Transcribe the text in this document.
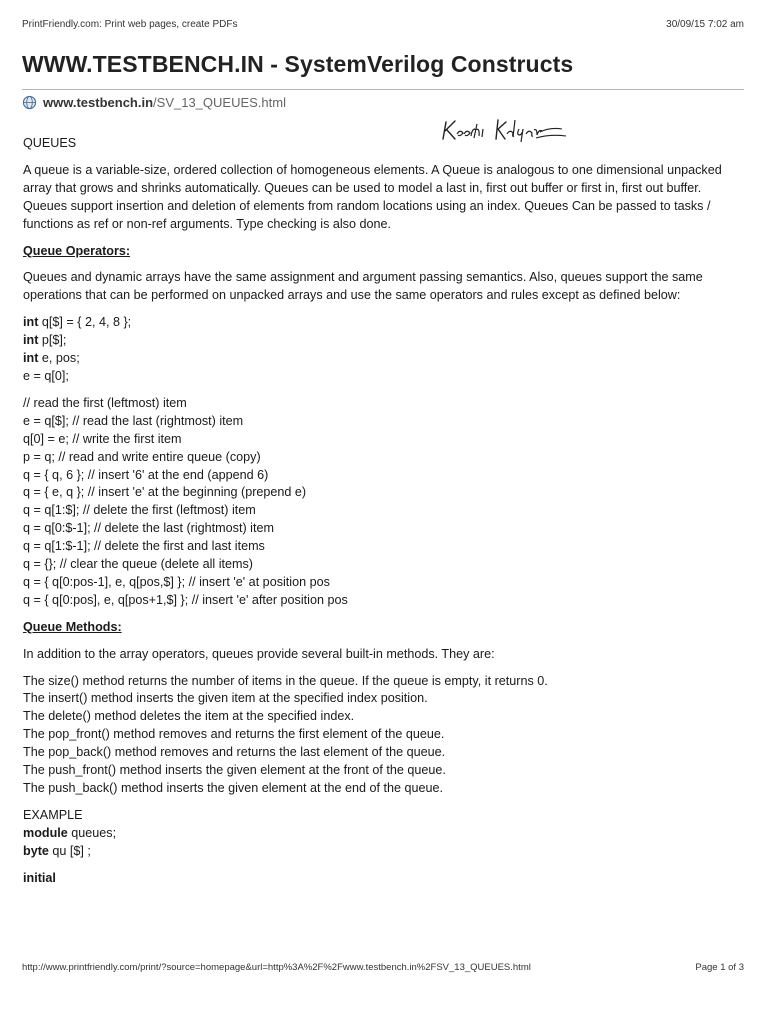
PrintFriendly.com: Print web pages, create PDFs	30/09/15 7:02 am
WWW.TESTBENCH.IN - SystemVerilog Constructs
www.testbench.in /SV_13_QUEUES.html

QUEUES

A queue is a variable-size, ordered collection of homogeneous elements. A Queue is analogous to one dimensional unpacked array that grows and shrinks automatically. Queues can be used to model a last in, first out buffer or first in, first out buffer. Queues support insertion and deletion of elements from random locations using an index. Queues Can be passed to tasks / functions as ref or non-ref arguments. Type checking is also done.

Queue Operators:

Queues and dynamic arrays have the same assignment and argument passing semantics. Also, queues support the same operations that can be performed on unpacked arrays and use the same operators and rules except as defined below:

int q[$] = { 2, 4, 8 };
int p[$];
int e, pos;
e = q[0];
// read the first (leftmost) item
e = q[$]; // read the last (rightmost) item
q[0] = e; // write the first item
p = q; // read and write entire queue (copy)
q = { q, 6 }; // insert '6' at the end (append 6)
q = { e, q }; // insert 'e' at the beginning (prepend e)
q = q[1:$]; // delete the first (leftmost) item
q = q[0:$-1]; // delete the last (rightmost) item
q = q[1:$-1]; // delete the first and last items
q = {}; // clear the queue (delete all items)
q = { q[0:pos-1], e, q[pos,$] }; // insert 'e' at position pos
q = { q[0:pos], e, q[pos+1,$] }; // insert 'e' after position pos
Queue Methods:

In addition to the array operators, queues provide several built-in methods. They are:

The size() method returns the number of items in the queue. If the queue is empty, it returns 0.
The insert() method inserts the given item at the specified index position.
The delete() method deletes the item at the specified index.
The pop_front() method removes and returns the first element of the queue.
The pop_back() method removes and returns the last element of the queue.
The push_front() method inserts the given element at the front of the queue.
The push_back() method inserts the given element at the end of the queue.
EXAMPLE
module queues;
byte qu [$] ;
initial
http://www.printfriendly.com/print/?source=homepage&url=http%3A%2F%2Fwww.testbench.in%2FSV_13_QUEUES.html	Page 1 of 3
